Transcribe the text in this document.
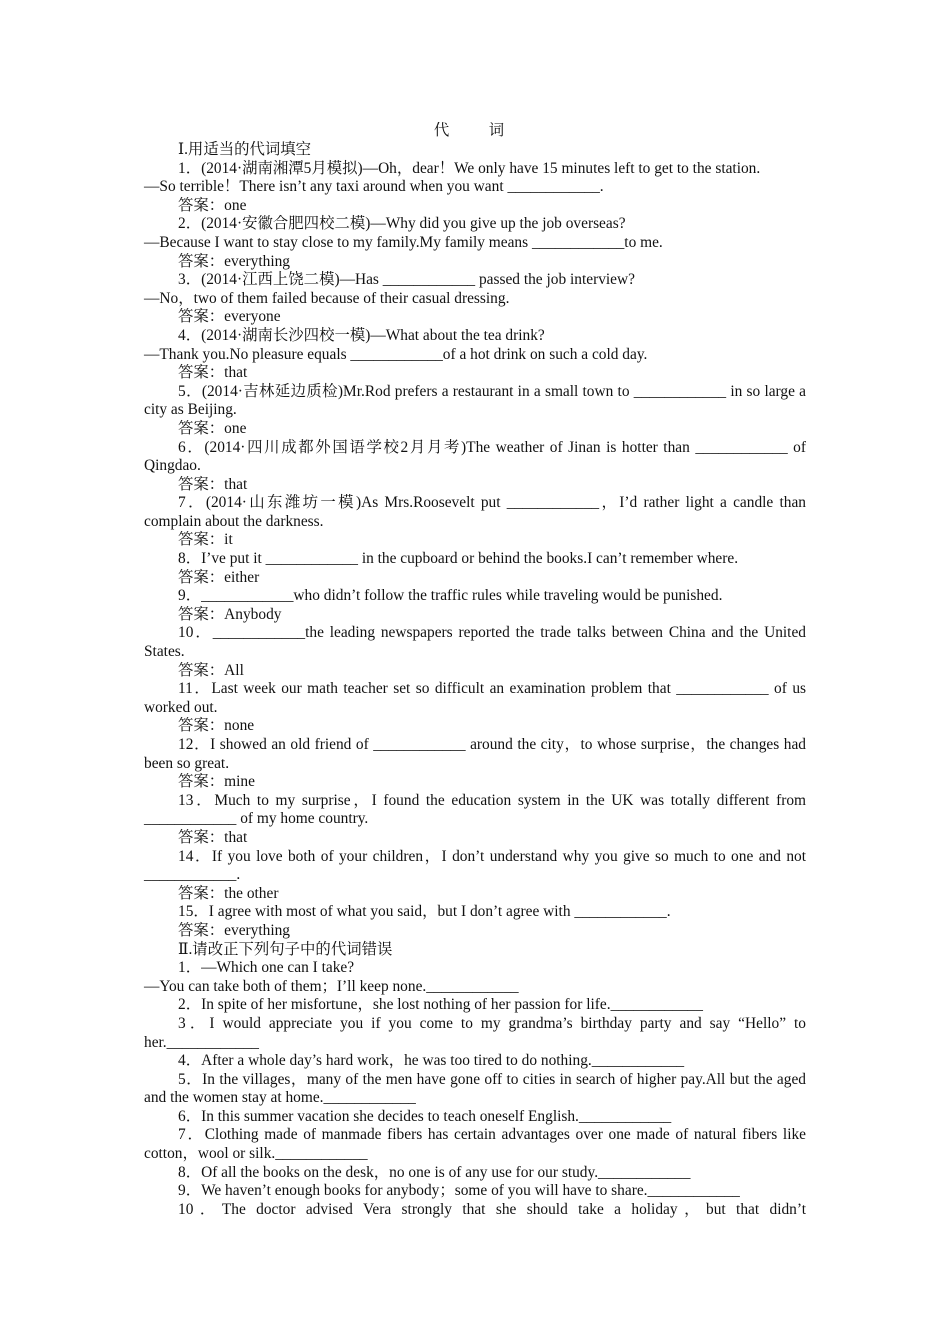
代　词
Ⅰ.用适当的代词填空
1．(2014·湖南湘潭5月模拟)—Oh，dear！We only have 15 minutes left to get to the station.
—So terrible！There isn’t any taxi around when you want ____________.
答案：one
2．(2014·安徽合肥四校二模)—Why did you give up the job overseas?
—Because I want to stay close to my family.My family means ____________to me.
答案：everything
3．(2014·江西上饶二模)—Has ____________ passed the job interview?
—No，two of them failed because of their casual dressing.
答案：everyone
4．(2014·湖南长沙四校一模)—What about the tea drink?
—Thank you.No pleasure equals ____________of a hot drink on such a cold day.
答案：that
5．(2014·吉林延边质检)Mr.Rod prefers a restaurant in a small town to ____________ in so large a city as Beijing.
答案：one
6．(2014·四川成都外国语学校2月月考)The weather of Jinan is hotter than ____________ of Qingdao.
答案：that
7．(2014·山东潍坊一模)As Mrs.Roosevelt put ____________，I’d rather light a candle than complain about the darkness.
答案：it
8．I’ve put it ____________ in the cupboard or behind the books.I can’t remember where.
答案：either
9．____________who didn’t follow the traffic rules while traveling would be punished.
答案：Anybody
10．____________the leading newspapers reported the trade talks between China and the United States.
答案：All
11．Last week our math teacher set so difficult an examination problem that ____________ of us worked out.
答案：none
12．I showed an old friend of ____________ around the city，to whose surprise，the changes had been so great.
答案：mine
13．Much to my surprise，I found the education system in the UK was totally different from ____________ of my home country.
答案：that
14．If you love both of your children，I don’t understand why you give so much to one and not ____________.
答案：the other
15．I agree with most of what you said，but I don’t agree with ____________.
答案：everything
Ⅱ.请改正下列句子中的代词错误
1．—Which one can I take?
—You can take both of them；I’ll keep none.____________
2．In spite of her misfortune，she lost nothing of her passion for life.____________
3．I would appreciate you if you come to my grandma’s birthday party and say “Hello” to her.____________
4．After a whole day’s hard work，he was too tired to do nothing.____________
5．In the villages，many of the men have gone off to cities in search of higher pay.All but the aged and the women stay at home.____________
6．In this summer vacation she decides to teach oneself English.____________
7．Clothing made of manmade fibers has certain advantages over one made of natural fibers like cotton，wool or silk.____________
8．Of all the books on the desk，no one is of any use for our study.____________
9．We haven’t enough books for anybody；some of you will have to share.____________
10．The doctor advised Vera strongly that she should take a holiday，but that didn’t
